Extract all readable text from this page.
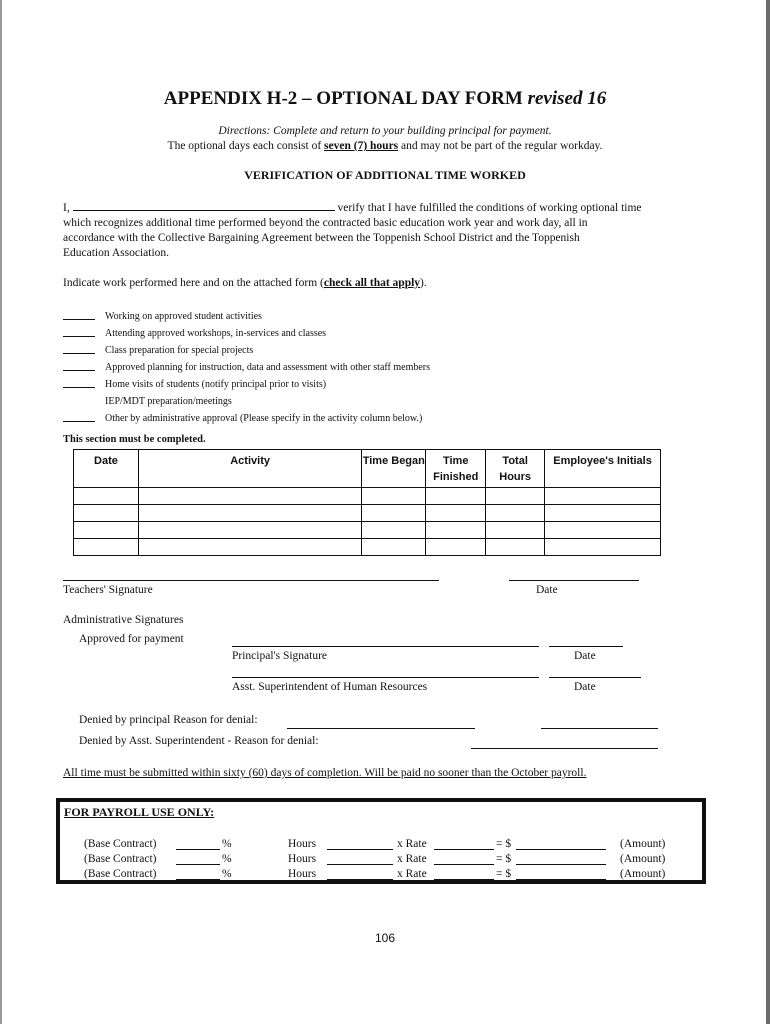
APPENDIX H-2 – OPTIONAL DAY FORM revised 16
Directions: Complete and return to your building principal for payment.
The optional days each consist of seven (7) hours and may not be part of the regular workday.
VERIFICATION OF ADDITIONAL TIME WORKED
I,	verify that I have fulfilled the conditions of working optional time
which recognizes additional time performed beyond the contracted basic education work year and work day, all in
accordance with the Collective Bargaining Agreement between the Toppenish School District and the Toppenish
Education Association.
Indicate work performed here and on the attached form (check all that apply).
Working on approved student activities
Attending approved workshops, in-services and classes
Class preparation for special projects
Approved planning for instruction, data and assessment with other staff members
Home visits of students (notify principal prior to visits)
IEP/MDT preparation/meetings
Other by administrative approval (Please specify in the activity column below.)
This section must be completed.
Date	Activity	Time Began	Time Finished	Total Hours	Employee's Initials

Teachers' Signature	Date
Administrative Signatures
Approved for payment
Principal's Signature	Date
Asst. Superintendent of Human Resources	Date
Denied by principal Reason for denial:
Denied by Asst. Superintendent - Reason for denial:
All time must be submitted within sixty (60) days of completion. Will be paid no sooner than the October payroll.
FOR PAYROLL USE ONLY:
(Base Contract)	%	Hours	x Rate	= $	(Amount)
(Base Contract)	%	Hours	x Rate	= $	(Amount)
(Base Contract)	%	Hours	x Rate	= $	(Amount)
106
